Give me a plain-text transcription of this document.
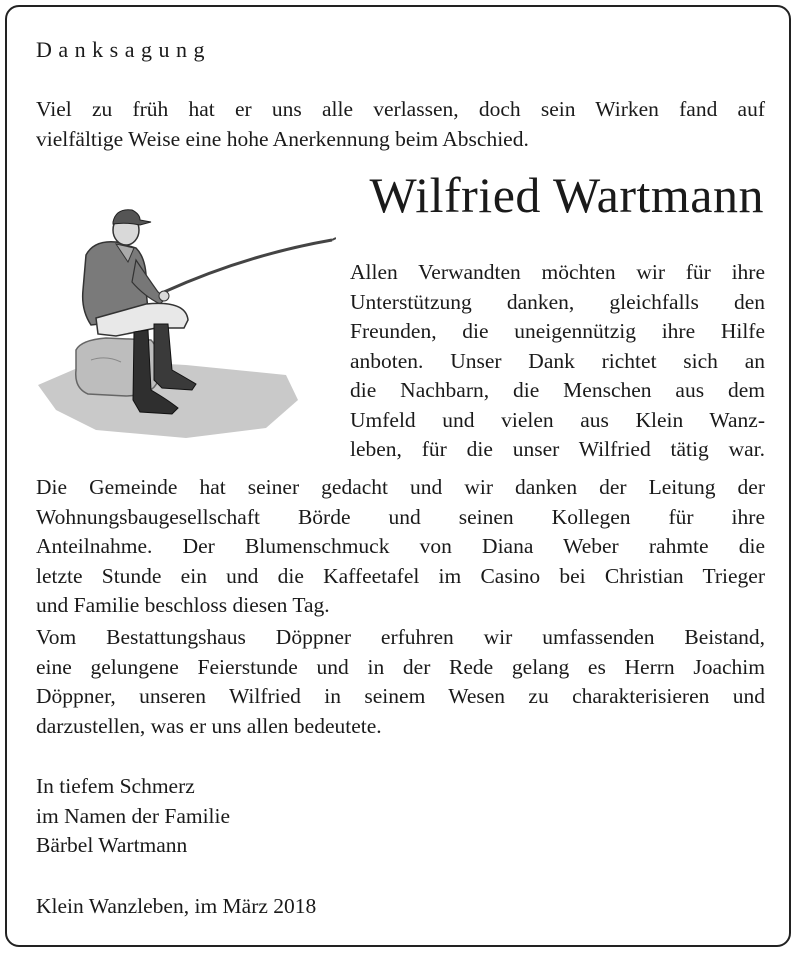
Danksagung

Viel zu früh hat er uns alle verlassen, doch sein Wirken fand auf

vielfältige Weise eine hohe Anerkennung beim Abschied.

Wilfried Wartmann

Allen Verwandten möchten wir für ihre

Unterstützung danken, gleichfalls den

Freunden, die uneigennützig ihre Hilfe

anboten. Unser Dank richtet sich an

die Nachbarn, die Menschen aus dem

Umfeld und vielen aus Klein Wanz-

leben, für die unser Wilfried tätig war.

Die Gemeinde hat seiner gedacht und wir danken der Leitung der

Wohnungsbaugesellschaft Börde und seinen Kollegen für ihre

Anteilnahme. Der Blumenschmuck von Diana Weber rahmte die

letzte Stunde ein und die Kaffeetafel im Casino bei Christian Trieger

und Familie beschloss diesen Tag.

Vom Bestattungshaus Döppner erfuhren wir umfassenden Beistand,

eine gelungene Feierstunde und in der Rede gelang es Herrn Joachim

Döppner, unseren Wilfried in seinem Wesen zu charakterisieren und

darzustellen, was er uns allen bedeutete.

In tiefem Schmerz

im Namen der Familie

Bärbel Wartmann

Klein Wanzleben, im März 2018
